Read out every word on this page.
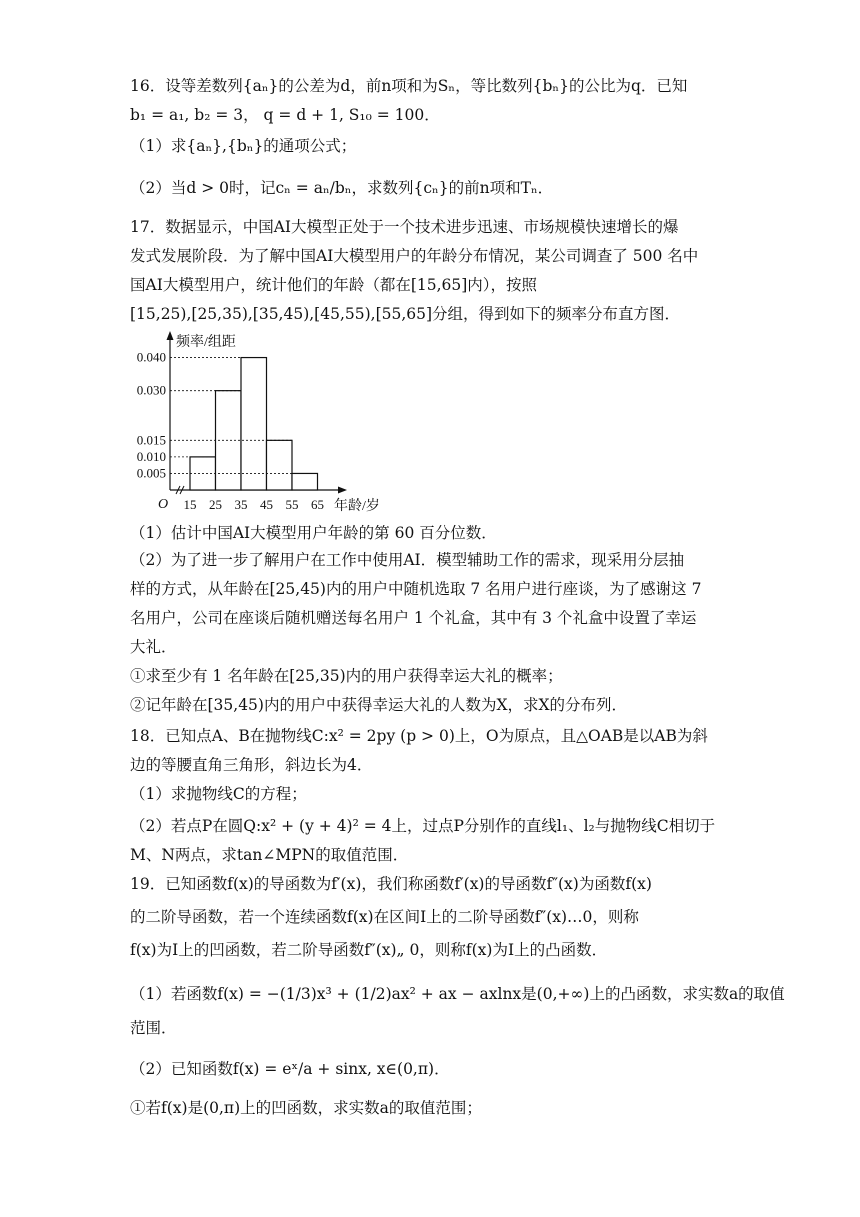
16．设等差数列{aₙ}的公差为d，前n项和为Sₙ，等比数列{bₙ}的公比为q．已知
b₁ = a₁, b₂ = 3， q = d + 1, S₁₀ = 100．
（1）求{aₙ},{bₙ}的通项公式；
（2）当d > 0时，记cₙ = aₙ/bₙ，求数列{cₙ}的前n项和Tₙ．
17．数据显示，中国AI大模型正处于一个技术进步迅速、市场规模快速增长的爆
发式发展阶段．为了解中国AI大模型用户的年龄分布情况，某公司调查了 500 名中
国AI大模型用户，统计他们的年龄（都在[15,65]内），按照
[15,25),[25,35),[35,45),[45,55),[55,65]分组，得到如下的频率分布直方图．
0.005
0.010
0.015
0.030
0.040
15 25 35 45 55 65
O
频率/组距
年龄/岁
（1）估计中国AI大模型用户年龄的第 60 百分位数．
（2）为了进一步了解用户在工作中使用AI．模型辅助工作的需求，现采用分层抽
样的方式，从年龄在[25,45)内的用户中随机选取 7 名用户进行座谈，为了感谢这 7
名用户，公司在座谈后随机赠送每名用户 1 个礼盒，其中有 3 个礼盒中设置了幸运
大礼．
①求至少有 1 名年龄在[25,35)内的用户获得幸运大礼的概率；
②记年龄在[35,45)内的用户中获得幸运大礼的人数为X，求X的分布列．
18．已知点A、B在抛物线C:x² = 2py (p > 0)上，O为原点，且△OAB是以AB为斜
边的等腰直角三角形，斜边长为4．
（1）求抛物线C的方程；
（2）若点P在圆Q:x² + (y + 4)² = 4上，过点P分别作的直线l₁、l₂与抛物线C相切于
M、N两点，求tan∠MPN的取值范围．
19．已知函数f(x)的导函数为f′(x)，我们称函数f′(x)的导函数f″(x)为函数f(x)
的二阶导函数，若一个连续函数f(x)在区间I上的二阶导函数f″(x)…0，则称
f(x)为I上的凹函数，若二阶导函数f″(x)„ 0，则称f(x)为I上的凸函数．
（1）若函数f(x) = −(1/3)x³ + (1/2)ax² + ax − axlnx是(0,+∞)上的凸函数，求实数a的取值
范围．
（2）已知函数f(x) = eˣ/a + sinx, x∈(0,π)．
①若f(x)是(0,π)上的凹函数，求实数a的取值范围；
